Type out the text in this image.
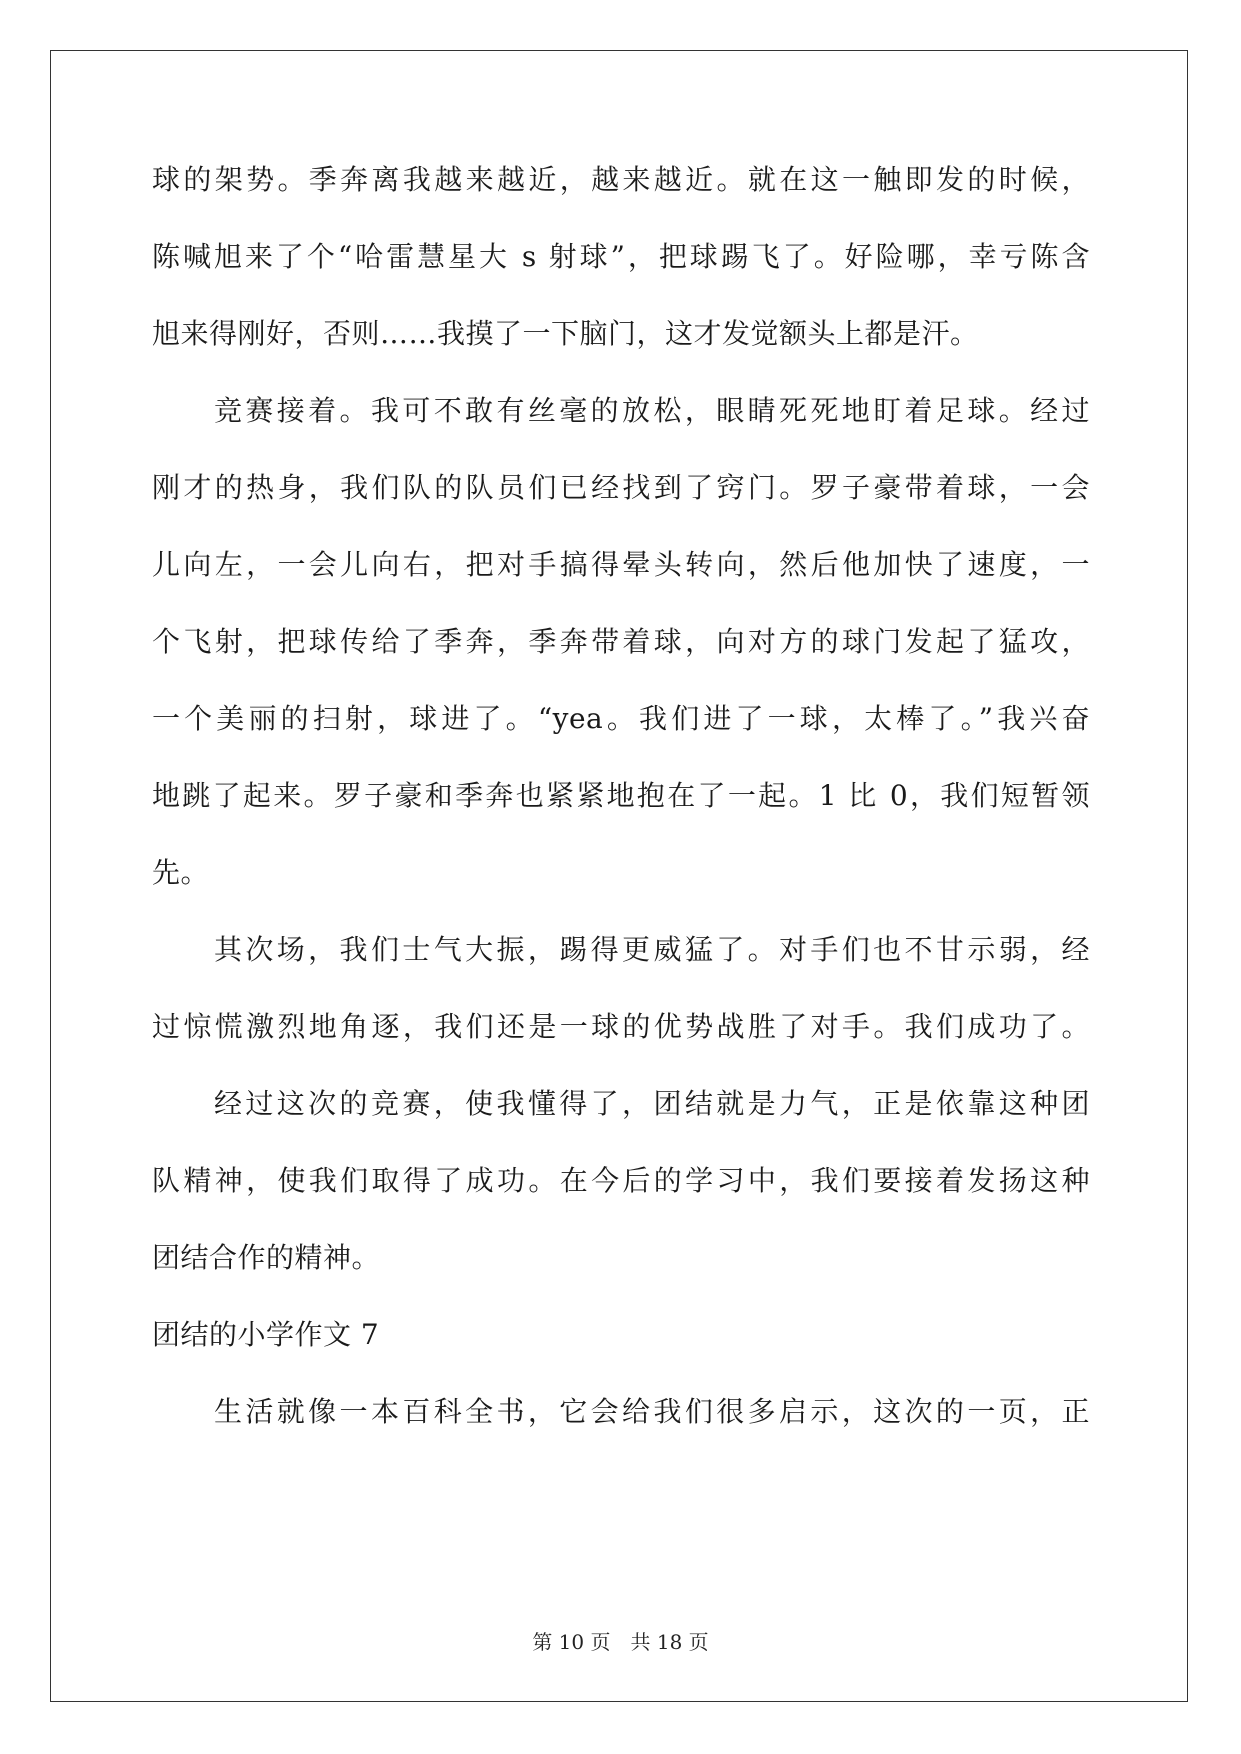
球的架势。季奔离我越来越近，越来越近。就在这一触即发的时候，
陈喊旭来了个“哈雷慧星大 s 射球”，把球踢飞了。好险哪，幸亏陈含
旭来得刚好，否则……我摸了一下脑门，这才发觉额头上都是汗。
竞赛接着。我可不敢有丝毫的放松，眼睛死死地盯着足球。经过
刚才的热身，我们队的队员们已经找到了窍门。罗子豪带着球，一会
儿向左，一会儿向右，把对手搞得晕头转向，然后他加快了速度，一
个飞射，把球传给了季奔，季奔带着球，向对方的球门发起了猛攻，
一个美丽的扫射，球进了。“yea。我们进了一球，太棒了。”我兴奋
地跳了起来。罗子豪和季奔也紧紧地抱在了一起。1 比 0，我们短暂领
先。
其次场，我们士气大振，踢得更威猛了。对手们也不甘示弱，经
过惊慌激烈地角逐，我们还是一球的优势战胜了对手。我们成功了。
经过这次的竞赛，使我懂得了，团结就是力气，正是依靠这种团
队精神，使我们取得了成功。在今后的学习中，我们要接着发扬这种
团结合作的精神。
团结的小学作文 7
生活就像一本百科全书，它会给我们很多启示，这次的一页，正
第 10 页　共 18 页
